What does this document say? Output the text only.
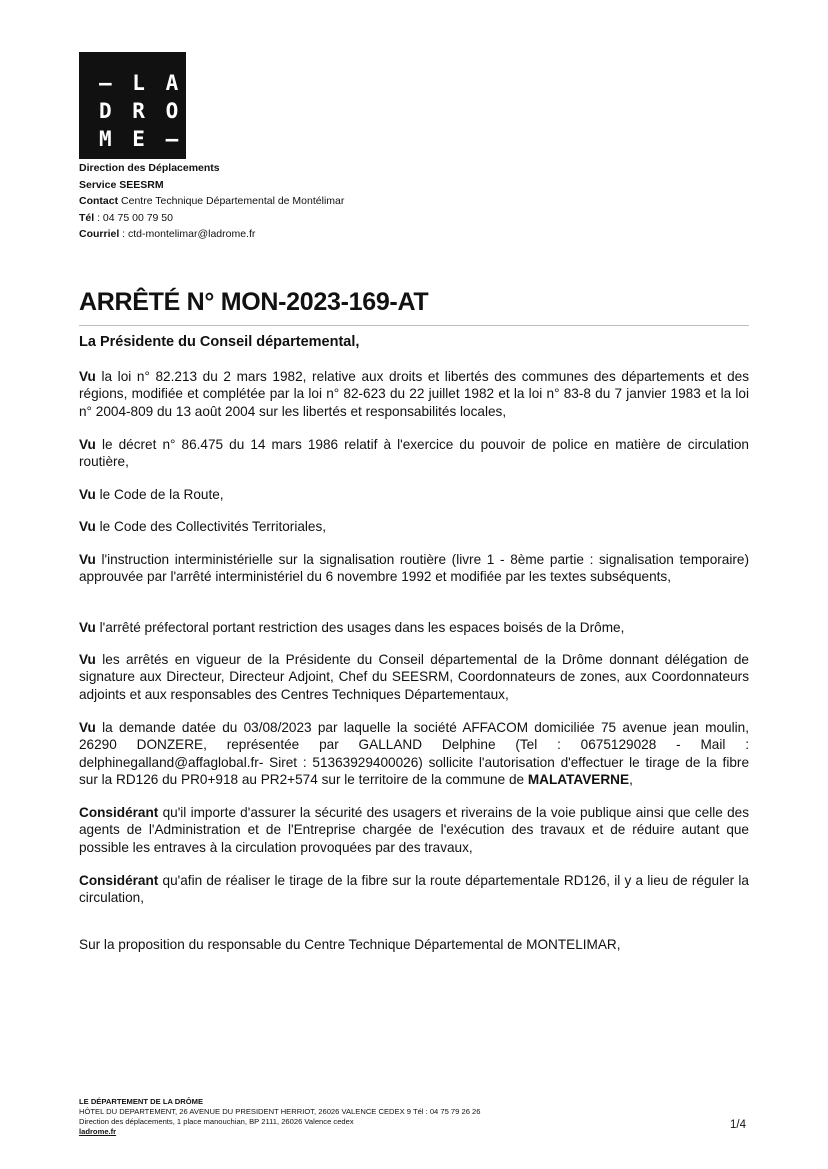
– L A
D R O
M E –
Direction des Déplacements
Service SEESRM
Contact Centre Technique Départemental de Montélimar
Tél : 04 75 00 79 50
Courriel : ctd-montelimar@ladrome.fr
ARRÊTÉ N° MON-2023-169-AT
La Présidente du Conseil départemental,

Vu la loi n° 82.213 du 2 mars 1982, relative aux droits et libertés des communes des départements et des régions, modifiée et complétée par la loi n° 82-623 du 22 juillet 1982 et la loi n° 83-8 du 7 janvier 1983 et la loi n° 2004-809 du 13 août 2004 sur les libertés et responsabilités locales,

Vu le décret n° 86.475 du 14 mars 1986 relatif à l'exercice du pouvoir de police en matière de circulation routière,

Vu le Code de la Route,

Vu le Code des Collectivités Territoriales,

Vu l'instruction interministérielle sur la signalisation routière (livre 1 - 8ème partie : signalisation temporaire) approuvée par l'arrêté interministériel du 6 novembre 1992 et modifiée par les textes subséquents,

Vu l'arrêté préfectoral portant restriction des usages dans les espaces boisés de la Drôme,

Vu les arrêtés en vigueur de la Présidente du Conseil départemental de la Drôme donnant délégation de signature aux Directeur, Directeur Adjoint, Chef du SEESRM, Coordonnateurs de zones, aux Coordonnateurs adjoints et aux responsables des Centres Techniques Départementaux,

Vu la demande datée du 03/08/2023 par laquelle la société AFFACOM domiciliée 75 avenue jean moulin, 26290 DONZERE, représentée par GALLAND Delphine (Tel : 0675129028 - Mail : delphinegalland@affaglobal.fr- Siret : 51363929400026) sollicite l'autorisation d'effectuer le tirage de la fibre sur la RD126 du PR0+918 au PR2+574 sur le territoire de la commune de MALATAVERNE,

Considérant qu'il importe d'assurer la sécurité des usagers et riverains de la voie publique ainsi que celle des agents de l'Administration et de l'Entreprise chargée de l'exécution des travaux et de réduire autant que possible les entraves à la circulation provoquées par des travaux,

Considérant qu'afin de réaliser le tirage de la fibre sur la route départementale RD126, il y a lieu de réguler la circulation,

Sur la proposition du responsable du Centre Technique Départemental de MONTELIMAR,

LE DÉPARTEMENT DE LA DRÔME
HÔTEL DU DEPARTEMENT, 26 AVENUE DU PRESIDENT HERRIOT, 26026 VALENCE CEDEX 9 Tél : 04 75 79 26 26
Direction des déplacements, 1 place manouchian, BP 2111, 26026 Valence cedex
ladrome.fr
1/4
